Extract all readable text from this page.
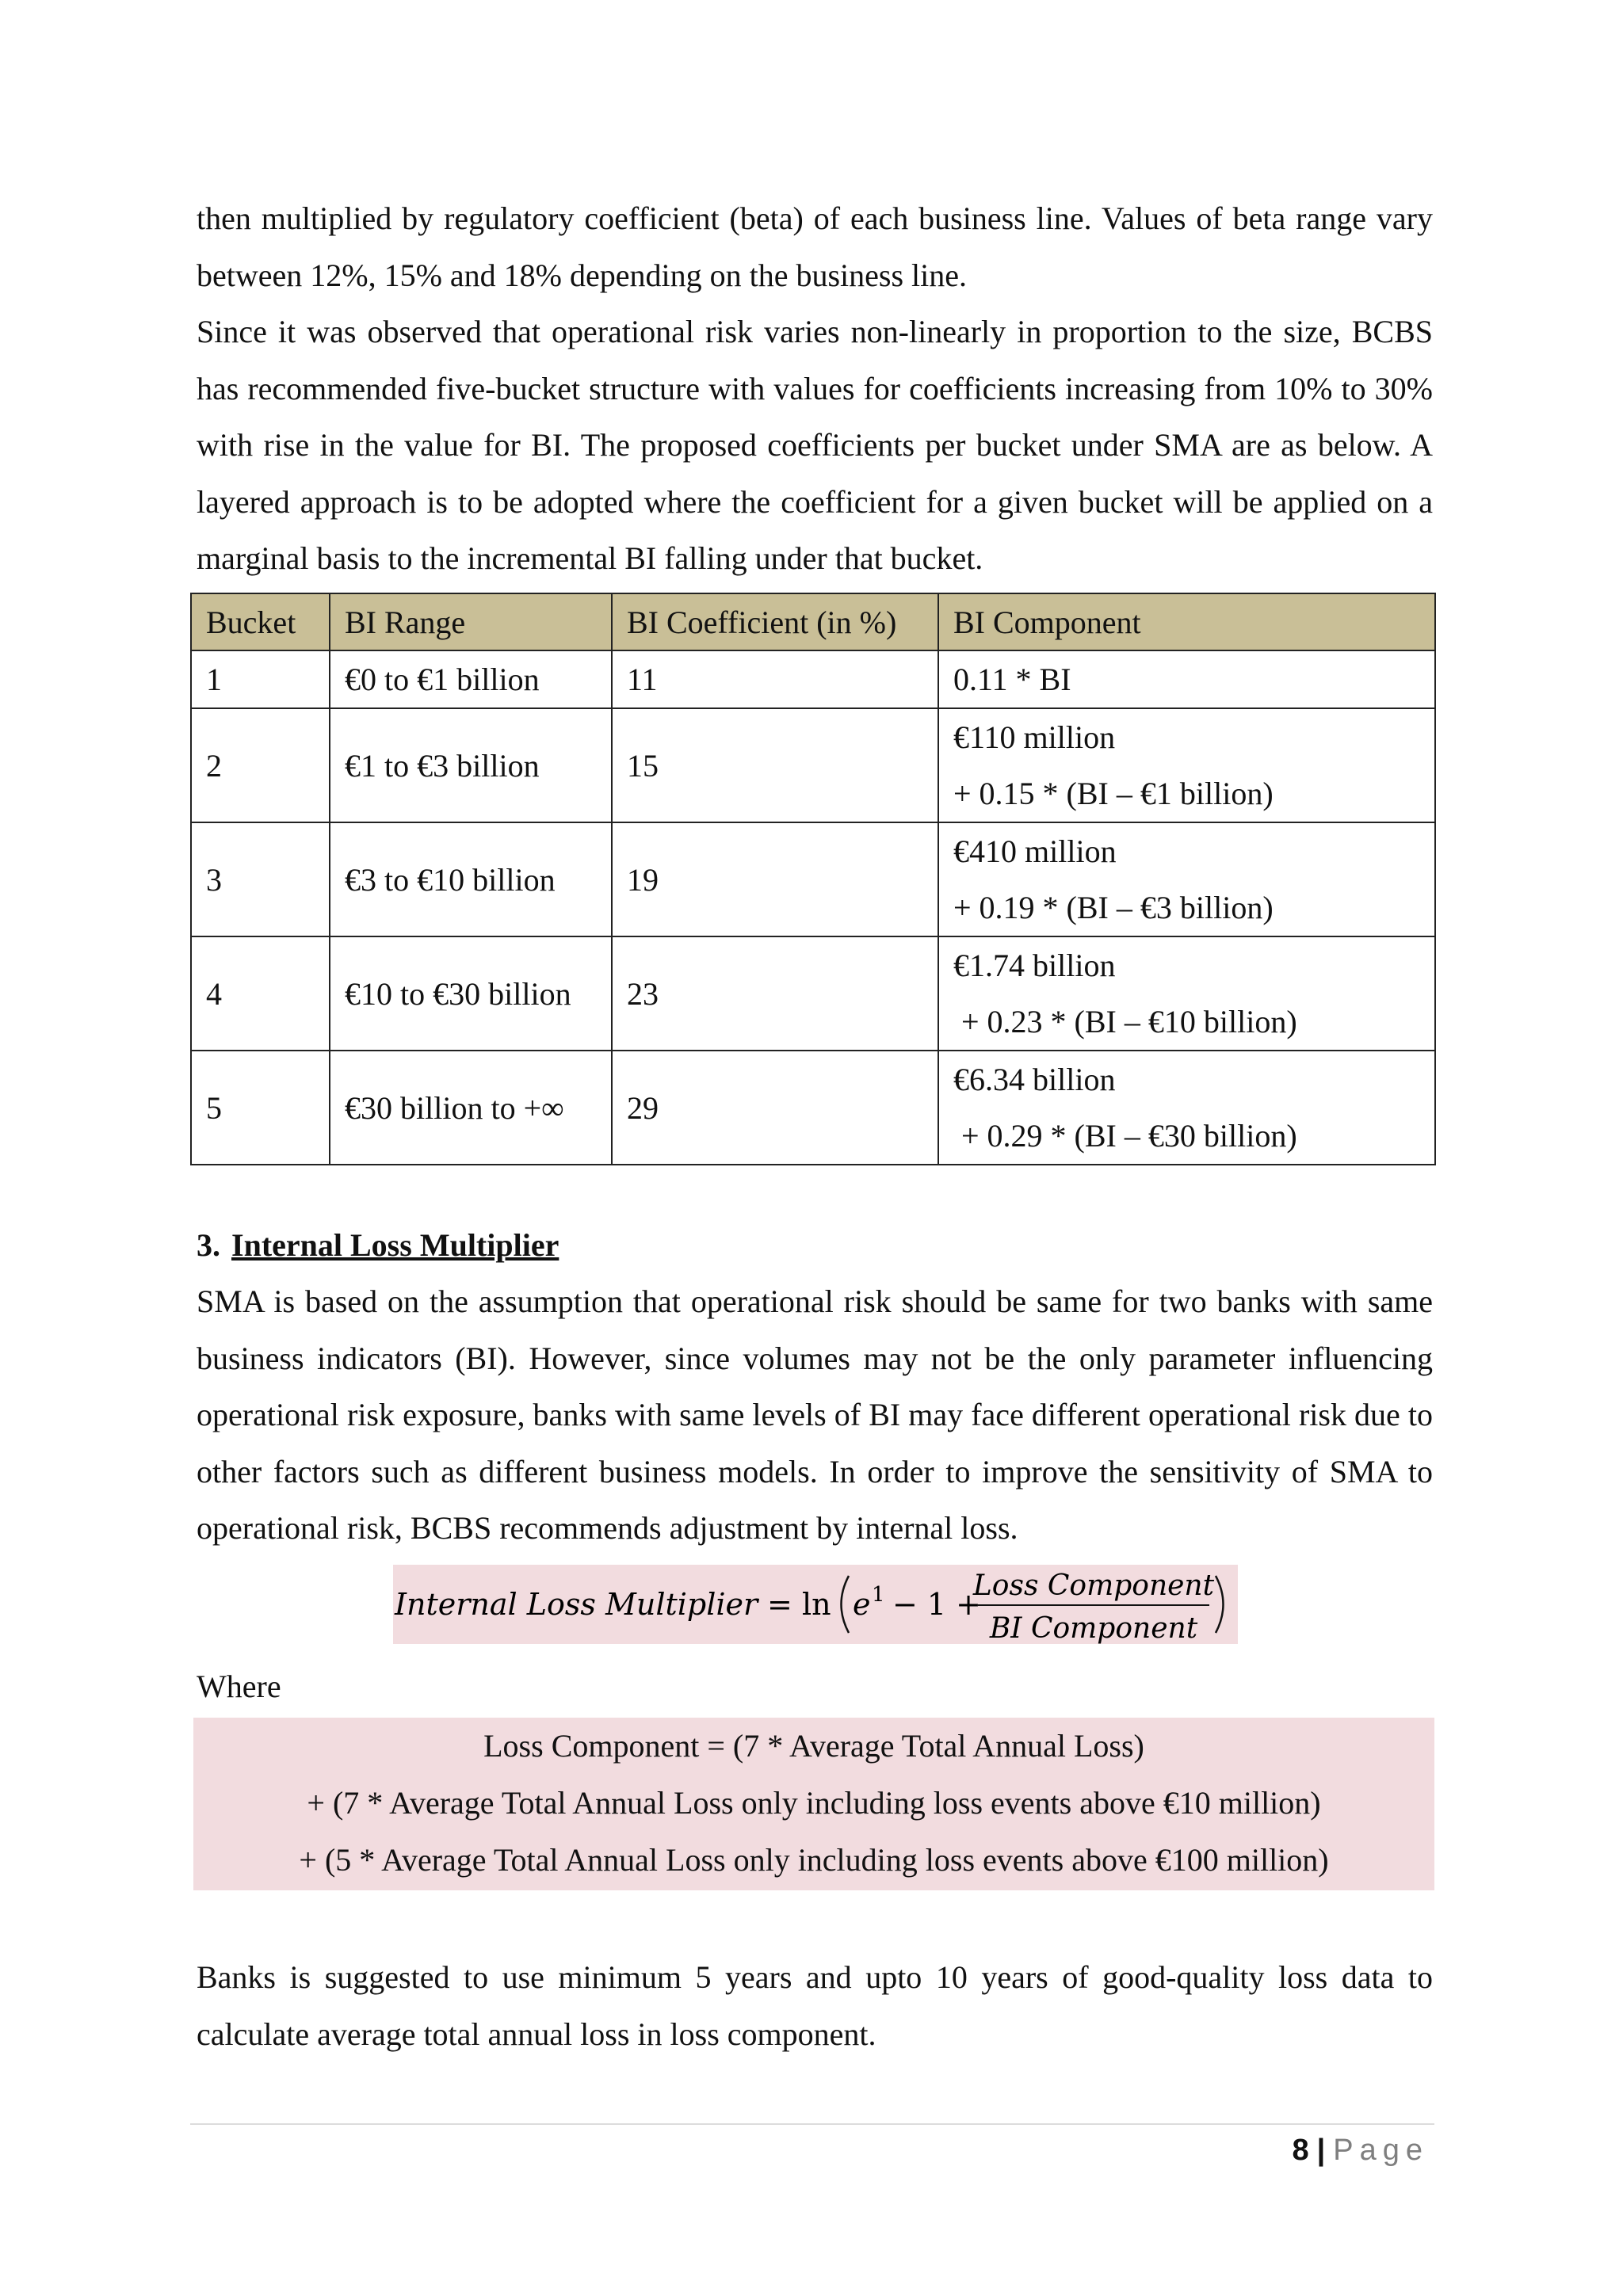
then multiplied by regulatory coefficient (beta) of each business line. Values of beta range vary between 12%, 15% and 18% depending on the business line.

Since it was observed that operational risk varies non-linearly in proportion to the size, BCBS has recommended five-bucket structure with values for coefficients increasing from 10% to 30% with rise in the value for BI. The proposed coefficients per bucket under SMA are as below. A layered approach is to be adopted where the coefficient for a given bucket will be applied on a marginal basis to the incremental BI falling under that bucket.

Bucket	BI Range	BI Coefficient (in %)	BI Component
1	€0 to €1 billion	11	0.11 * BI

2	€1 to €3 billion	15	€110 million
+ 0.15 * (BI – €1 billion)

3	€3 to €10 billion	19	€410 million
+ 0.19 * (BI – €3 billion)

4	€10 to €30 billion	23	€1.74 billion
+ 0.23 * (BI – €10 billion)

5	€30 billion to +∞	29	€6.34 billion
+ 0.29 * (BI – €30 billion)
3. Internal Loss Multiplier

SMA is based on the assumption that operational risk should be same for two banks with same business indicators (BI). However, since volumes may not be the only parameter influencing operational risk exposure, banks with same levels of BI may face different operational risk due to other factors such as different business models. In order to improve the sensitivity of SMA to operational risk, BCBS recommends adjustment by internal loss.

Internal Loss Multiplier = ln e 1 − 1 +
Loss Component
BI Component
Where
Loss Component = (7 * Average Total Annual Loss)
+ (7 * Average Total Annual Loss only including loss events above €10 million)
+ (5 * Average Total Annual Loss only including loss events above €100 million)

Banks is suggested to use minimum 5 years and upto 10 years of good-quality loss data to calculate average total annual loss in loss component.

8 | Page
